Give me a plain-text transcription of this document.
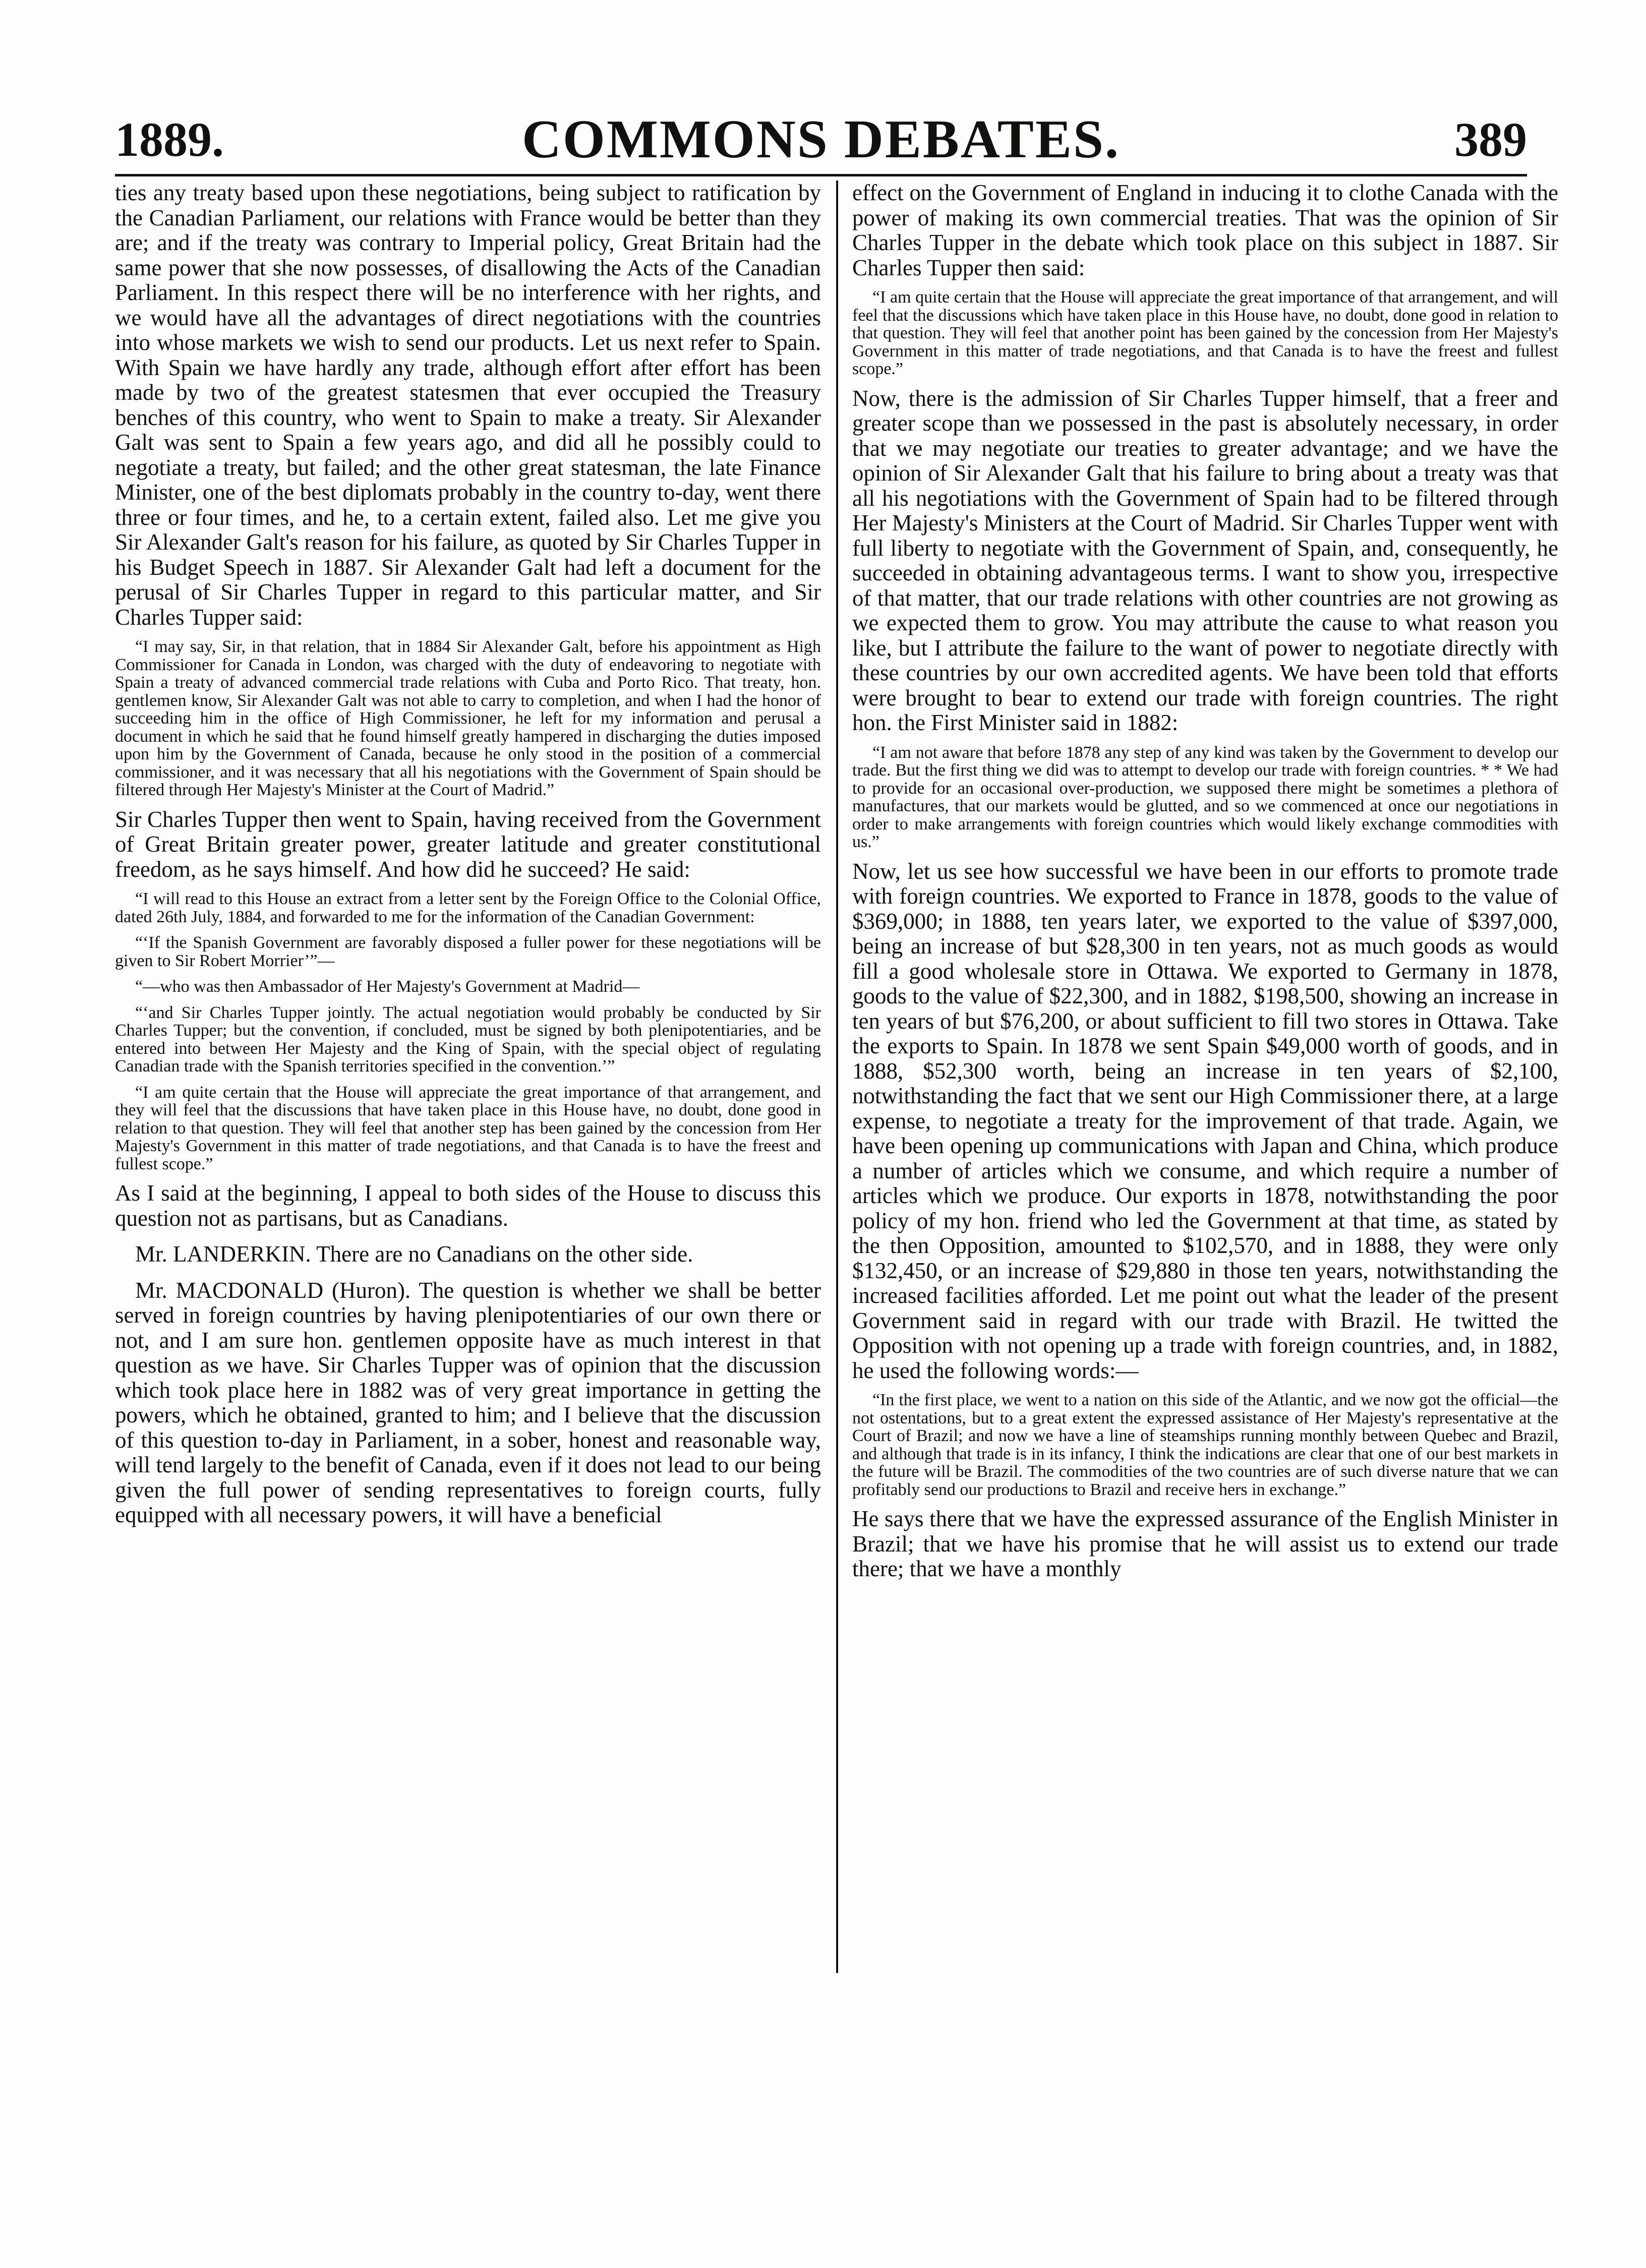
1889.	COMMONS DEBATES.	389

ties any treaty based upon these negotiations, being subject to ratification by the Canadian Parliament, our relations with France would be better than they are; and if the treaty was contrary to Imperial policy, Great Britain had the same power that she now possesses, of disallowing the Acts of the Canadian Parliament. In this respect there will be no interference with her rights, and we would have all the advantages of direct negotiations with the countries into whose markets we wish to send our products. Let us next refer to Spain. With Spain we have hardly any trade, although effort after effort has been made by two of the greatest statesmen that ever occupied the Treasury benches of this country, who went to Spain to make a treaty. Sir Alexander Galt was sent to Spain a few years ago, and did all he possibly could to negotiate a treaty, but failed; and the other great statesman, the late Finance Minister, one of the best diplomats probably in the country to-day, went there three or four times, and he, to a certain extent, failed also. Let me give you Sir Alexander Galt's reason for his failure, as quoted by Sir Charles Tupper in his Budget Speech in 1887. Sir Alexander Galt had left a document for the perusal of Sir Charles Tupper in regard to this particular matter, and Sir Charles Tupper said:

“I may say, Sir, in that relation, that in 1884 Sir Alexander Galt, before his appointment as High Commissioner for Canada in London, was charged with the duty of endeavoring to negotiate with Spain a treaty of advanced commercial trade relations with Cuba and Porto Rico. That treaty, hon. gentlemen know, Sir Alexander Galt was not able to carry to completion, and when I had the honor of succeeding him in the office of High Commissioner, he left for my information and perusal a document in which he said that he found himself greatly hampered in discharging the duties imposed upon him by the Government of Canada, because he only stood in the position of a commercial commissioner, and it was necessary that all his negotiations with the Government of Spain should be filtered through Her Majesty's Minister at the Court of Madrid.”

Sir Charles Tupper then went to Spain, having received from the Government of Great Britain greater power, greater latitude and greater constitutional freedom, as he says himself. And how did he succeed? He said:

“I will read to this House an extract from a letter sent by the Foreign Office to the Colonial Office, dated 26th July, 1884, and forwarded to me for the information of the Canadian Government:

“‘If the Spanish Government are favorably disposed a fuller power for these negotiations will be given to Sir Robert Morrier’”—

“—who was then Ambassador of Her Majesty's Government at Madrid—

“‘and Sir Charles Tupper jointly. The actual negotiation would probably be conducted by Sir Charles Tupper; but the convention, if concluded, must be signed by both plenipotentiaries, and be entered into between Her Majesty and the King of Spain, with the special object of regulating Canadian trade with the Spanish territories specified in the convention.’”

“I am quite certain that the House will appreciate the great importance of that arrangement, and they will feel that the discussions that have taken place in this House have, no doubt, done good in relation to that question. They will feel that another step has been gained by the concession from Her Majesty's Government in this matter of trade negotiations, and that Canada is to have the freest and fullest scope.”

As I said at the beginning, I appeal to both sides of the House to discuss this question not as partisans, but as Canadians.

Mr. LANDERKIN. There are no Canadians on the other side.

Mr. MACDONALD (Huron). The question is whether we shall be better served in foreign countries by having plenipotentiaries of our own there or not, and I am sure hon. gentlemen opposite have as much interest in that question as we have. Sir Charles Tupper was of opinion that the discussion which took place here in 1882 was of very great importance in getting the powers, which he obtained, granted to him; and I believe that the discussion of this question to-day in Parliament, in a sober, honest and reasonable way, will tend largely to the benefit of Canada, even if it does not lead to our being given the full power of sending representatives to foreign courts, fully equipped with all necessary powers, it will have a beneficial

effect on the Government of England in inducing it to clothe Canada with the power of making its own commercial treaties. That was the opinion of Sir Charles Tupper in the debate which took place on this subject in 1887. Sir Charles Tupper then said:

“I am quite certain that the House will appreciate the great importance of that arrangement, and will feel that the discussions which have taken place in this House have, no doubt, done good in relation to that question. They will feel that another point has been gained by the concession from Her Majesty's Government in this matter of trade negotiations, and that Canada is to have the freest and fullest scope.”

Now, there is the admission of Sir Charles Tupper himself, that a freer and greater scope than we possessed in the past is absolutely necessary, in order that we may negotiate our treaties to greater advantage; and we have the opinion of Sir Alexander Galt that his failure to bring about a treaty was that all his negotiations with the Government of Spain had to be filtered through Her Majesty's Ministers at the Court of Madrid. Sir Charles Tupper went with full liberty to negotiate with the Government of Spain, and, consequently, he succeeded in obtaining advantageous terms. I want to show you, irrespective of that matter, that our trade relations with other countries are not growing as we expected them to grow. You may attribute the cause to what reason you like, but I attribute the failure to the want of power to negotiate directly with these countries by our own accredited agents. We have been told that efforts were brought to bear to extend our trade with foreign countries. The right hon. the First Minister said in 1882:

“I am not aware that before 1878 any step of any kind was taken by the Government to develop our trade. But the first thing we did was to attempt to develop our trade with foreign countries. * * We had to provide for an occasional over-production, we supposed there might be sometimes a plethora of manufactures, that our markets would be glutted, and so we commenced at once our negotiations in order to make arrangements with foreign countries which would likely exchange commodities with us.”

Now, let us see how successful we have been in our efforts to promote trade with foreign countries. We exported to France in 1878, goods to the value of $369,000; in 1888, ten years later, we exported to the value of $397,000, being an increase of but $28,300 in ten years, not as much goods as would fill a good wholesale store in Ottawa. We exported to Germany in 1878, goods to the value of $22,300, and in 1882, $198,500, showing an increase in ten years of but $76,200, or about sufficient to fill two stores in Ottawa. Take the exports to Spain. In 1878 we sent Spain $49,000 worth of goods, and in 1888, $52,300 worth, being an increase in ten years of $2,100, notwithstanding the fact that we sent our High Commissioner there, at a large expense, to negotiate a treaty for the improvement of that trade. Again, we have been opening up communications with Japan and China, which produce a number of articles which we consume, and which require a number of articles which we produce. Our exports in 1878, notwithstanding the poor policy of my hon. friend who led the Government at that time, as stated by the then Opposition, amounted to $102,570, and in 1888, they were only $132,450, or an increase of $29,880 in those ten years, notwithstanding the increased facilities afforded. Let me point out what the leader of the present Government said in regard with our trade with Brazil. He twitted the Opposition with not opening up a trade with foreign countries, and, in 1882, he used the following words:—

“In the first place, we went to a nation on this side of the Atlantic, and we now got the official—the not ostentations, but to a great extent the expressed assistance of Her Majesty's representative at the Court of Brazil; and now we have a line of steamships running monthly between Quebec and Brazil, and although that trade is in its infancy, I think the indications are clear that one of our best markets in the future will be Brazil. The commodities of the two countries are of such diverse nature that we can profitably send our productions to Brazil and receive hers in exchange.”

He says there that we have the expressed assurance of the English Minister in Brazil; that we have his promise that he will assist us to extend our trade there; that we have a monthly
